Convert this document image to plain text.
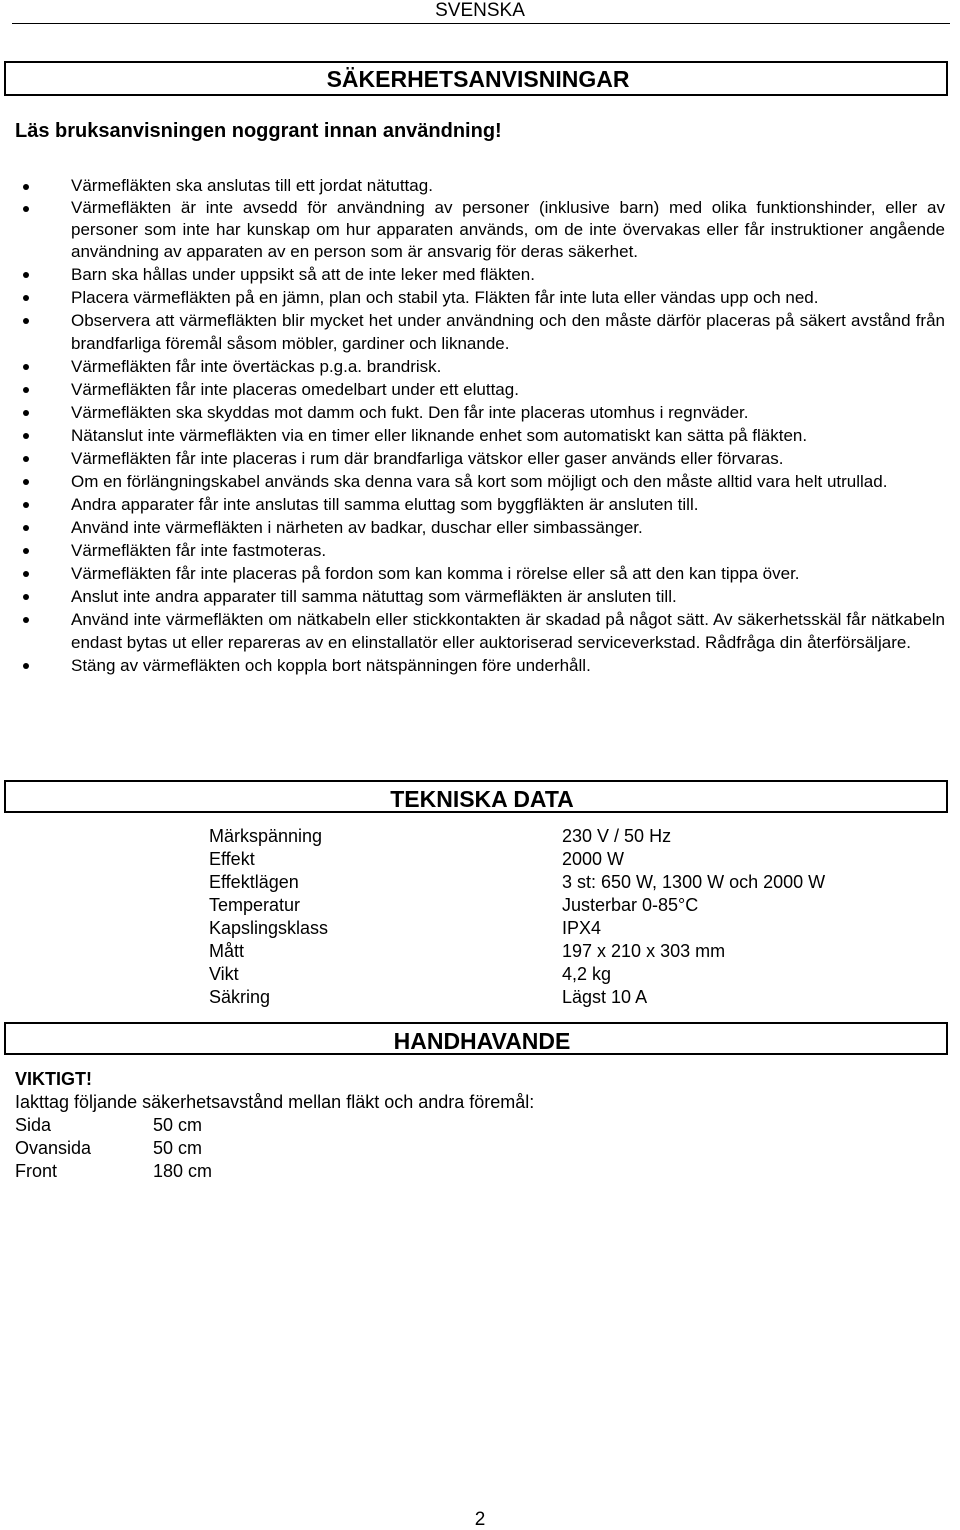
SVENSKA
SÄKERHETSANVISNINGAR
Läs bruksanvisningen noggrant innan användning!
Värmefläkten ska anslutas till ett jordat nätuttag.
Värmefläkten är inte avsedd för användning av personer (inklusive barn) med olika funktionshinder, eller av personer som inte har kunskap om hur apparaten används, om de inte övervakas eller får instruktioner angående användning av apparaten av en person som är ansvarig för deras säkerhet.
Barn ska hållas under uppsikt så att de inte leker med fläkten.
Placera värmefläkten på en jämn, plan och stabil yta. Fläkten får inte luta eller vändas upp och ned.
Observera att värmefläkten blir mycket het under användning och den måste därför placeras på säkert avstånd från brandfarliga föremål såsom möbler, gardiner och liknande.
Värmefläkten får inte övertäckas p.g.a. brandrisk.
Värmefläkten får inte placeras omedelbart under ett eluttag.
Värmefläkten ska skyddas mot damm och fukt. Den får inte placeras utomhus i regnväder.
Nätanslut inte värmefläkten via en timer eller liknande enhet som automatiskt kan sätta på fläkten.
Värmefläkten får inte placeras i rum där brandfarliga vätskor eller gaser används eller förvaras.
Om en förlängningskabel används ska denna vara så kort som möjligt och den måste alltid vara helt utrullad.
Andra apparater får inte anslutas till samma eluttag som byggfläkten är ansluten till.
Använd inte värmefläkten i närheten av badkar, duschar eller simbassänger.
Värmefläkten får inte fastmoteras.
Värmefläkten får inte placeras på fordon som kan komma i rörelse eller så att den kan tippa över.
Anslut inte andra apparater till samma nätuttag som värmefläkten är ansluten till.
Använd inte värmefläkten om nätkabeln eller stickkontakten är skadad på något sätt. Av säkerhetsskäl får nätkabeln endast bytas ut eller repareras av en elinstallatör eller auktoriserad serviceverkstad. Rådfråga din återförsäljare.
Stäng av värmefläkten och koppla bort nätspänningen före underhåll.
TEKNISKA DATA
Märkspänning	230 V / 50 Hz
Effekt	2000 W
Effektlägen	3 st: 650 W, 1300 W och 2000 W
Temperatur	Justerbar 0-85°C
Kapslingsklass	IPX4
Mått	197 x 210 x 303 mm
Vikt	4,2 kg
Säkring	Lägst 10 A
HANDHAVANDE
VIKTIGT!
Iakttag följande säkerhetsavstånd mellan fläkt och andra föremål:
Sida	50 cm
Ovansida	50 cm
Front	180 cm
2
